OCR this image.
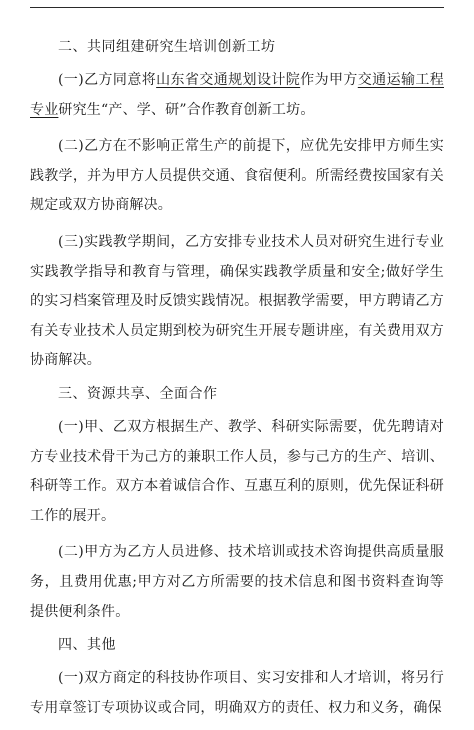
二、共同组建研究生培训创新工坊
(一)乙方同意将山东省交通规划设计院作为甲方交通运输工程专业研究生“产、学、研”合作教育创新工坊。
(二)乙方在不影响正常生产的前提下，应优先安排甲方师生实践教学，并为甲方人员提供交通、食宿便利。所需经费按国家有关规定或双方协商解决。
(三)实践教学期间，乙方安排专业技术人员对研究生进行专业实践教学指导和教育与管理，确保实践教学质量和安全;做好学生的实习档案管理及时反馈实践情况。根据教学需要，甲方聘请乙方有关专业技术人员定期到校为研究生开展专题讲座，有关费用双方协商解决。
三、资源共享、全面合作
(一)甲、乙双方根据生产、教学、科研实际需要，优先聘请对方专业技术骨干为己方的兼职工作人员，参与己方的生产、培训、科研等工作。双方本着诚信合作、互惠互利的原则，优先保证科研工作的展开。
(二)甲方为乙方人员进修、技术培训或技术咨询提供高质量服务，且费用优惠;甲方对乙方所需要的技术信息和图书资料查询等提供便利条件。
四、其他
(一)双方商定的科技协作项目、实习安排和人才培训，将另行专用章签订专项协议或合同，明确双方的责任、权力和义务，确保
